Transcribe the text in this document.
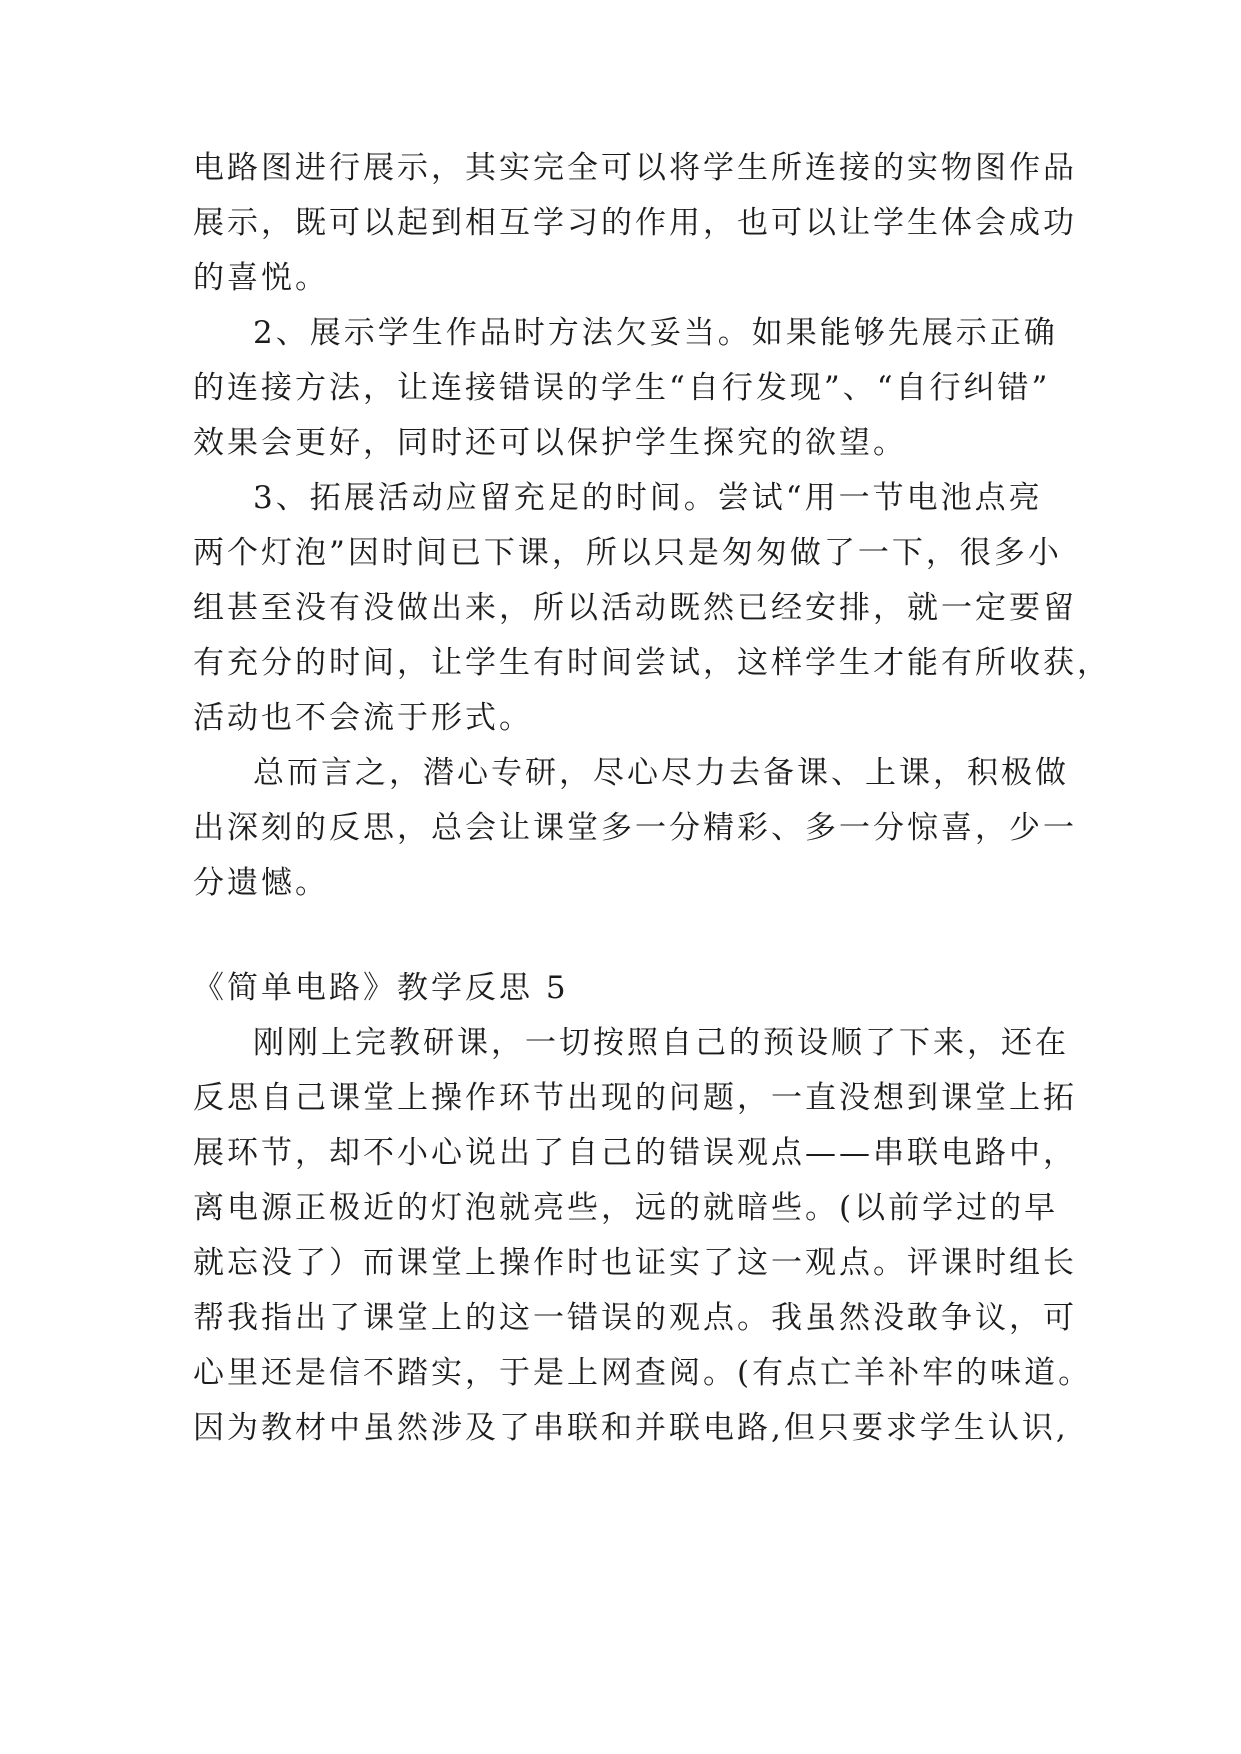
电路图进行展示，其实完全可以将学生所连接的实物图作品
展示，既可以起到相互学习的作用，也可以让学生体会成功
的喜悦。
2、展示学生作品时方法欠妥当。如果能够先展示正确
的连接方法，让连接错误的学生“自行发现”、“自行纠错”
效果会更好，同时还可以保护学生探究的欲望。
3、拓展活动应留充足的时间。尝试“用一节电池点亮
两个灯泡”因时间已下课，所以只是匆匆做了一下，很多小
组甚至没有没做出来，所以活动既然已经安排，就一定要留
有充分的时间，让学生有时间尝试，这样学生才能有所收获，
活动也不会流于形式。
总而言之，潜心专研，尽心尽力去备课、上课，积极做
出深刻的反思，总会让课堂多一分精彩、多一分惊喜，少一
分遗憾。
《简单电路》教学反思 5
刚刚上完教研课，一切按照自己的预设顺了下来，还在
反思自己课堂上操作环节出现的问题，一直没想到课堂上拓
展环节，却不小心说出了自己的错误观点——串联电路中，
离电源正极近的灯泡就亮些，远的就暗些。(以前学过的早
就忘没了）而课堂上操作时也证实了这一观点。评课时组长
帮我指出了课堂上的这一错误的观点。我虽然没敢争议，可
心里还是信不踏实，于是上网查阅。(有点亡羊补牢的味道。
因为教材中虽然涉及了串联和并联电路,但只要求学生认识,
